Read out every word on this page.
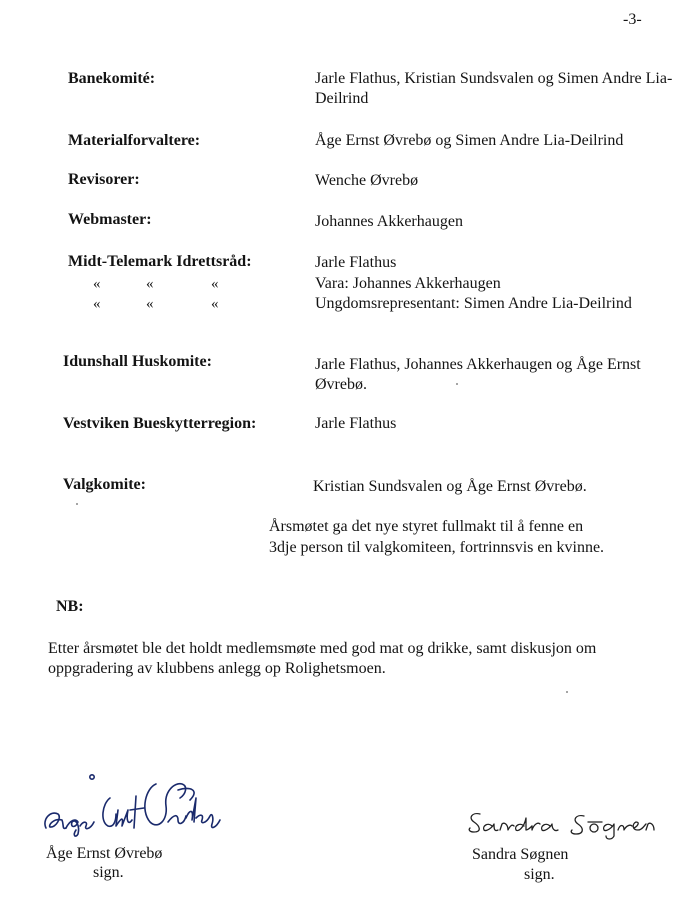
-3-
Banekomité:	Jarle Flathus, Kristian Sundsvalen og Simen Andre Lia-Deilrind
Materialforvaltere:	Åge Ernst Øvrebø og Simen Andre Lia-Deilrind
Revisorer:	Wenche Øvrebø
Webmaster:	Johannes Akkerhaugen
Midt-Telemark Idrettsråd:	Jarle Flathus
«	«	«	Vara: Johannes Akkerhaugen
«	«	«	Ungdomsrepresentant: Simen Andre Lia-Deilrind
Idunshall Huskomite:	Jarle Flathus, Johannes Akkerhaugen og Åge Ernst Øvrebø.
Vestviken Bueskytterregion:	Jarle Flathus
Valgkomite:	Kristian Sundsvalen og Åge Ernst Øvrebø.
Årsmøtet ga det nye styret fullmakt til å fenne en
3dje person til valgkomiteen, fortrinnsvis en kvinne.
NB:
Etter årsmøtet ble det holdt medlemsmøte med god mat og drikke, samt diskusjon om oppgradering av klubbens anlegg op Rolighetsmoen.
Åge Ernst Øvrebø
sign.
Sandra Søgnen
sign.
